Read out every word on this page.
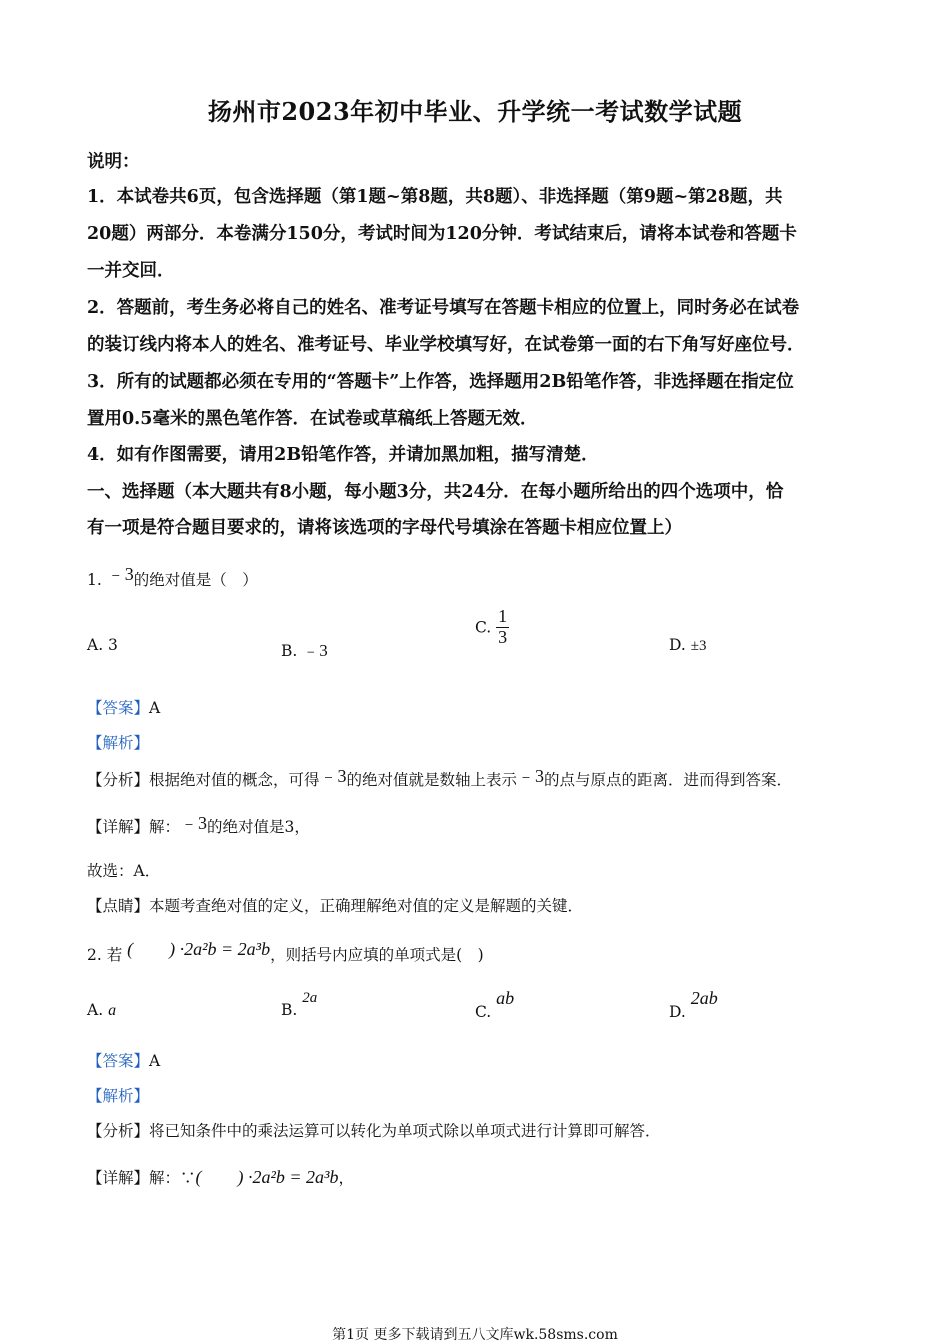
扬州市2023年初中毕业、升学统一考试数学试题
说明：
1．本试卷共6页，包含选择题（第1题~第8题，共8题）、非选择题（第9题~第28题，共
20题）两部分．本卷满分150分，考试时间为120分钟．考试结束后，请将本试卷和答题卡
一并交回．
2．答题前，考生务必将自己的姓名、准考证号填写在答题卡相应的位置上，同时务必在试卷
的装订线内将本人的姓名、准考证号、毕业学校填写好，在试卷第一面的右下角写好座位号．
3．所有的试题都必须在专用的“答题卡”上作答，选择题用2B铅笔作答，非选择题在指定位
置用0.5毫米的黑色笔作答．在试卷或草稿纸上答题无效．
4．如有作图需要，请用2B铅笔作答，并请加黑加粗，描写清楚．
一、选择题（本大题共有8小题，每小题3分，共24分．在每小题所给出的四个选项中，恰
有一项是符合题目要求的，请将该选项的字母代号填涂在答题卡相应位置上）
1. ﹣3的绝对值是（　）
A. 3	B. ﹣3
C. $\frac{1}{3}$	D. ±3
【答案】A
【解析】
【分析】根据绝对值的概念，可得﹣3的绝对值就是数轴上表示﹣3的点与原点的距离．进而得到答案．
【详解】解：﹣3的绝对值是3，
故选：A．
【点睛】本题考查绝对值的定义，正确理解绝对值的定义是解题的关键．
2. 若 (　　) ·2a²b = 2a³b，则括号内应填的单项式是(　)
A. a	B. 2a
C. ab
D. 2ab
【答案】A
【解析】
【分析】将已知条件中的乘法运算可以转化为单项式除以单项式进行计算即可解答．
【详解】解：∵(　　) ·2a²b = 2a³b，
第1页 更多下载请到五八文库wk.58sms.com
